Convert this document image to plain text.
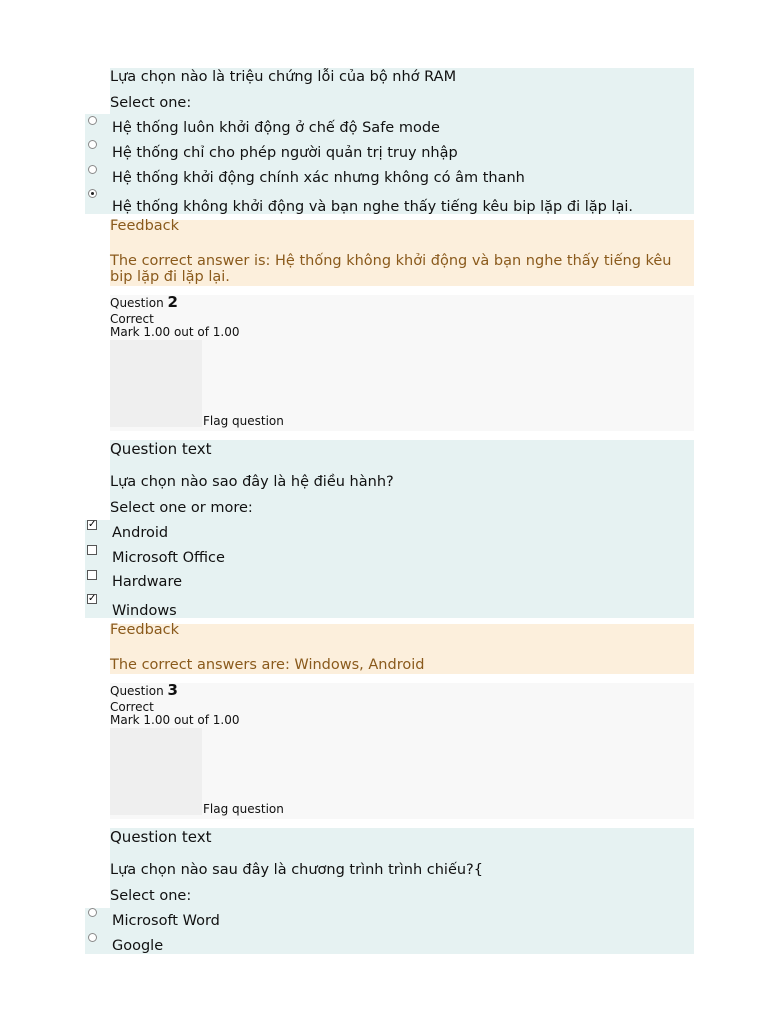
Lựa chọn nào là triệu chứng lỗi của bộ nhớ RAM
Select one:
Hệ thống luôn khởi động ở chế độ Safe mode
Hệ thống chỉ cho phép người quản trị truy nhập
Hệ thống khởi động chính xác nhưng không có âm thanh
Hệ thống không khởi động và bạn nghe thấy tiếng kêu bip lặp đi lặp lại.
Feedback
The correct answer is: Hệ thống không khởi động và bạn nghe thấy tiếng kêu
bip lặp đi lặp lại.
Question 2
Correct
Mark 1.00 out of 1.00
Flag question
Question text
Lựa chọn nào sao đây là hệ điều hành?
Select one or more:
✓
Android
Microsoft Office
Hardware
✓
Windows
Feedback
The correct answers are: Windows, Android
Question 3
Correct
Mark 1.00 out of 1.00
Flag question
Question text
Lựa chọn nào sau đây là chương trình trình chiếu?{
Select one:
Microsoft Word
Google
